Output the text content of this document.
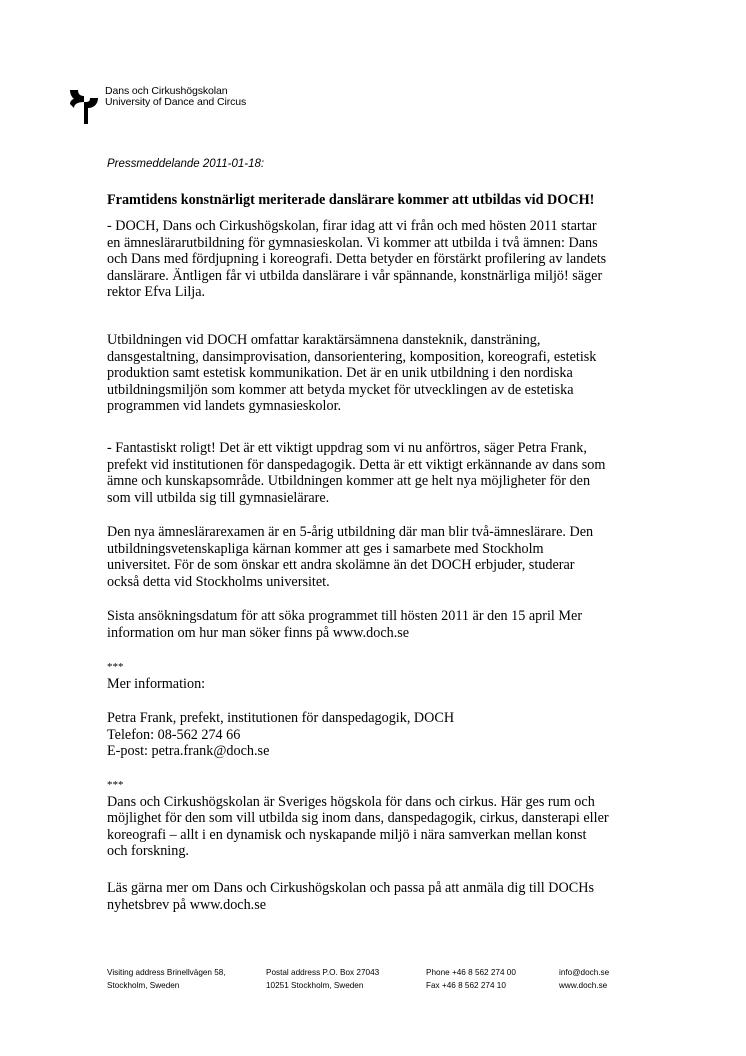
Dans och Cirkushögskolan
University of Dance and Circus
Pressmeddelande 2011-01-18:
Framtidens konstnärligt meriterade danslärare kommer att utbildas vid DOCH!
- DOCH, Dans och Cirkushögskolan, firar idag att vi från och med hösten 2011 startar
en ämneslärarutbildning för gymnasieskolan. Vi kommer att utbilda i två ämnen: Dans
och Dans med fördjupning i koreografi. Detta betyder en förstärkt profilering av landets
danslärare. Äntligen får vi utbilda danslärare i vår spännande, konstnärliga miljö! säger
rektor Efva Lilja.
Utbildningen vid DOCH omfattar karaktärsämnena dansteknik, dansträning,
dansgestaltning, dansimprovisation, dansorientering, komposition, koreografi, estetisk
produktion samt estetisk kommunikation. Det är en unik utbildning i den nordiska
utbildningsmiljön som kommer att betyda mycket för utvecklingen av de estetiska
programmen vid landets gymnasieskolor.
- Fantastiskt roligt! Det är ett viktigt uppdrag som vi nu anförtros, säger Petra Frank,
prefekt vid institutionen för danspedagogik. Detta är ett viktigt erkännande av dans som
ämne och kunskapsområde. Utbildningen kommer att ge helt nya möjligheter för den
som vill utbilda sig till gymnasielärare.
Den nya ämneslärarexamen är en 5-årig utbildning där man blir två-ämneslärare. Den
utbildningsvetenskapliga kärnan kommer att ges i samarbete med Stockholm
universitet. För de som önskar ett andra skolämne än det DOCH erbjuder, studerar
också detta vid Stockholms universitet.
Sista ansökningsdatum för att söka programmet till hösten 2011 är den 15 april Mer
information om hur man söker finns på www.doch.se
***
Mer information:
Petra Frank, prefekt, institutionen för danspedagogik, DOCH
Telefon: 08-562 274 66
E-post: petra.frank@doch.se
***
Dans och Cirkushögskolan är Sveriges högskola för dans och cirkus. Här ges rum och
möjlighet för den som vill utbilda sig inom dans, danspedagogik, cirkus, dansterapi eller
koreografi – allt i en dynamisk och nyskapande miljö i nära samverkan mellan konst
och forskning.
Läs gärna mer om Dans och Cirkushögskolan och passa på att anmäla dig till DOCHs
nyhetsbrev på www.doch.se
Visiting address Brinellvägen 58,
Stockholm, Sweden
Postal address P.O. Box 27043
10251 Stockholm, Sweden
Phone +46 8 562 274 00
Fax +46 8 562 274 10
info@doch.se
www.doch.se
